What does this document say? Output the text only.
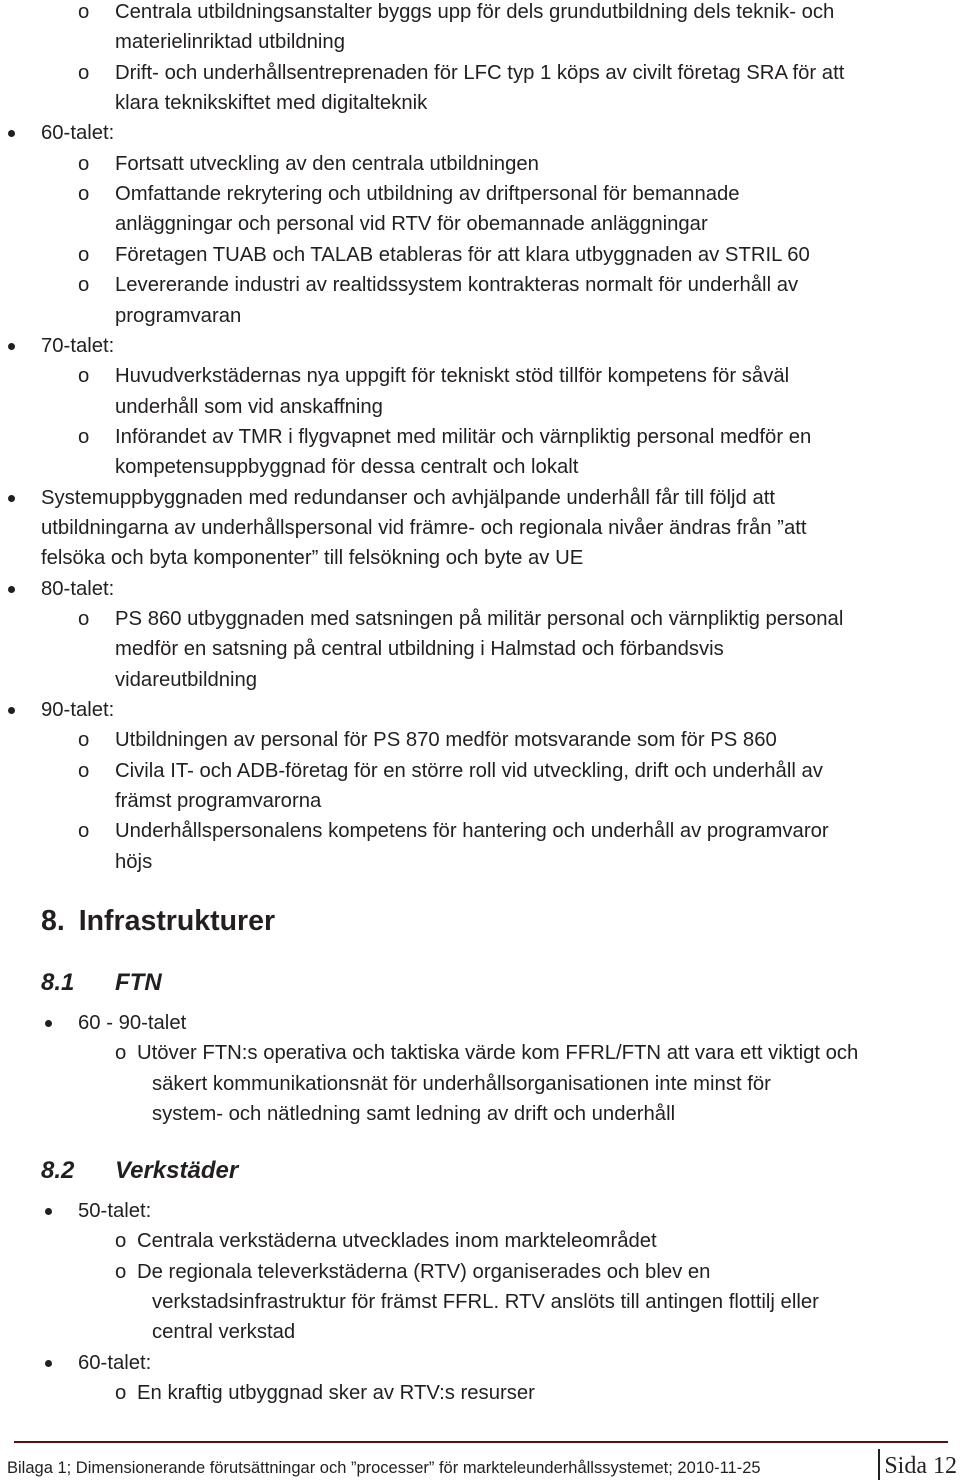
o Centrala utbildningsanstalter byggs upp för dels grundutbildning dels teknik- och
materielinriktad utbildning
o Drift- och underhållsentreprenaden för LFC typ 1 köps av civilt företag SRA för att
klara teknikskiftet med digitalteknik
60-talet:
o Fortsatt utveckling av den centrala utbildningen
o Omfattande rekrytering och utbildning av driftpersonal för bemannade
anläggningar och personal vid RTV för obemannade anläggningar
o Företagen TUAB och TALAB etableras för att klara utbyggnaden av STRIL 60
o Levererande industri av realtidssystem kontrakteras normalt för underhåll av
programvaran
70-talet:
o Huvudverkstädernas nya uppgift för tekniskt stöd tillför kompetens för såväl
underhåll som vid anskaffning
o Införandet av TMR i flygvapnet med militär och värnpliktig personal medför en
kompetensuppbyggnad för dessa centralt och lokalt
Systemuppbyggnaden med redundanser och avhjälpande underhåll får till följd att
utbildningarna av underhållspersonal vid främre- och regionala nivåer ändras från ”att
felsöka och byta komponenter” till felsökning och byte av UE
80-talet:
o PS 860 utbyggnaden med satsningen på militär personal och värnpliktig personal
medför en satsning på central utbildning i Halmstad och förbandsvis
vidareutbildning
90-talet:
o Utbildningen av personal för PS 870 medför motsvarande som för PS 860
o Civila IT- och ADB-företag för en större roll vid utveckling, drift och underhåll av
främst programvarorna
o Underhållspersonalens kompetens för hantering och underhåll av programvaror
höjs
8. Infrastrukturer
8.1 FTN
60 - 90-talet
o Utöver FTN:s operativa och taktiska värde kom FFRL/FTN att vara ett viktigt och
säkert kommunikationsnät för underhållsorganisationen inte minst för
system- och nätledning samt ledning av drift och underhåll
8.2 Verkstäder
50-talet:
o Centrala verkstäderna utvecklades inom markteleområdet
o De regionala televerkstäderna (RTV) organiserades och blev en
verkstadsinfrastruktur för främst FFRL. RTV anslöts till antingen flottilj eller
central verkstad
60-talet:
o En kraftig utbyggnad sker av RTV:s resurser
Bilaga 1; Dimensionerande förutsättningar och ”processer” för markteleunderhållssystemet; 2010-11-25	Sida 12
